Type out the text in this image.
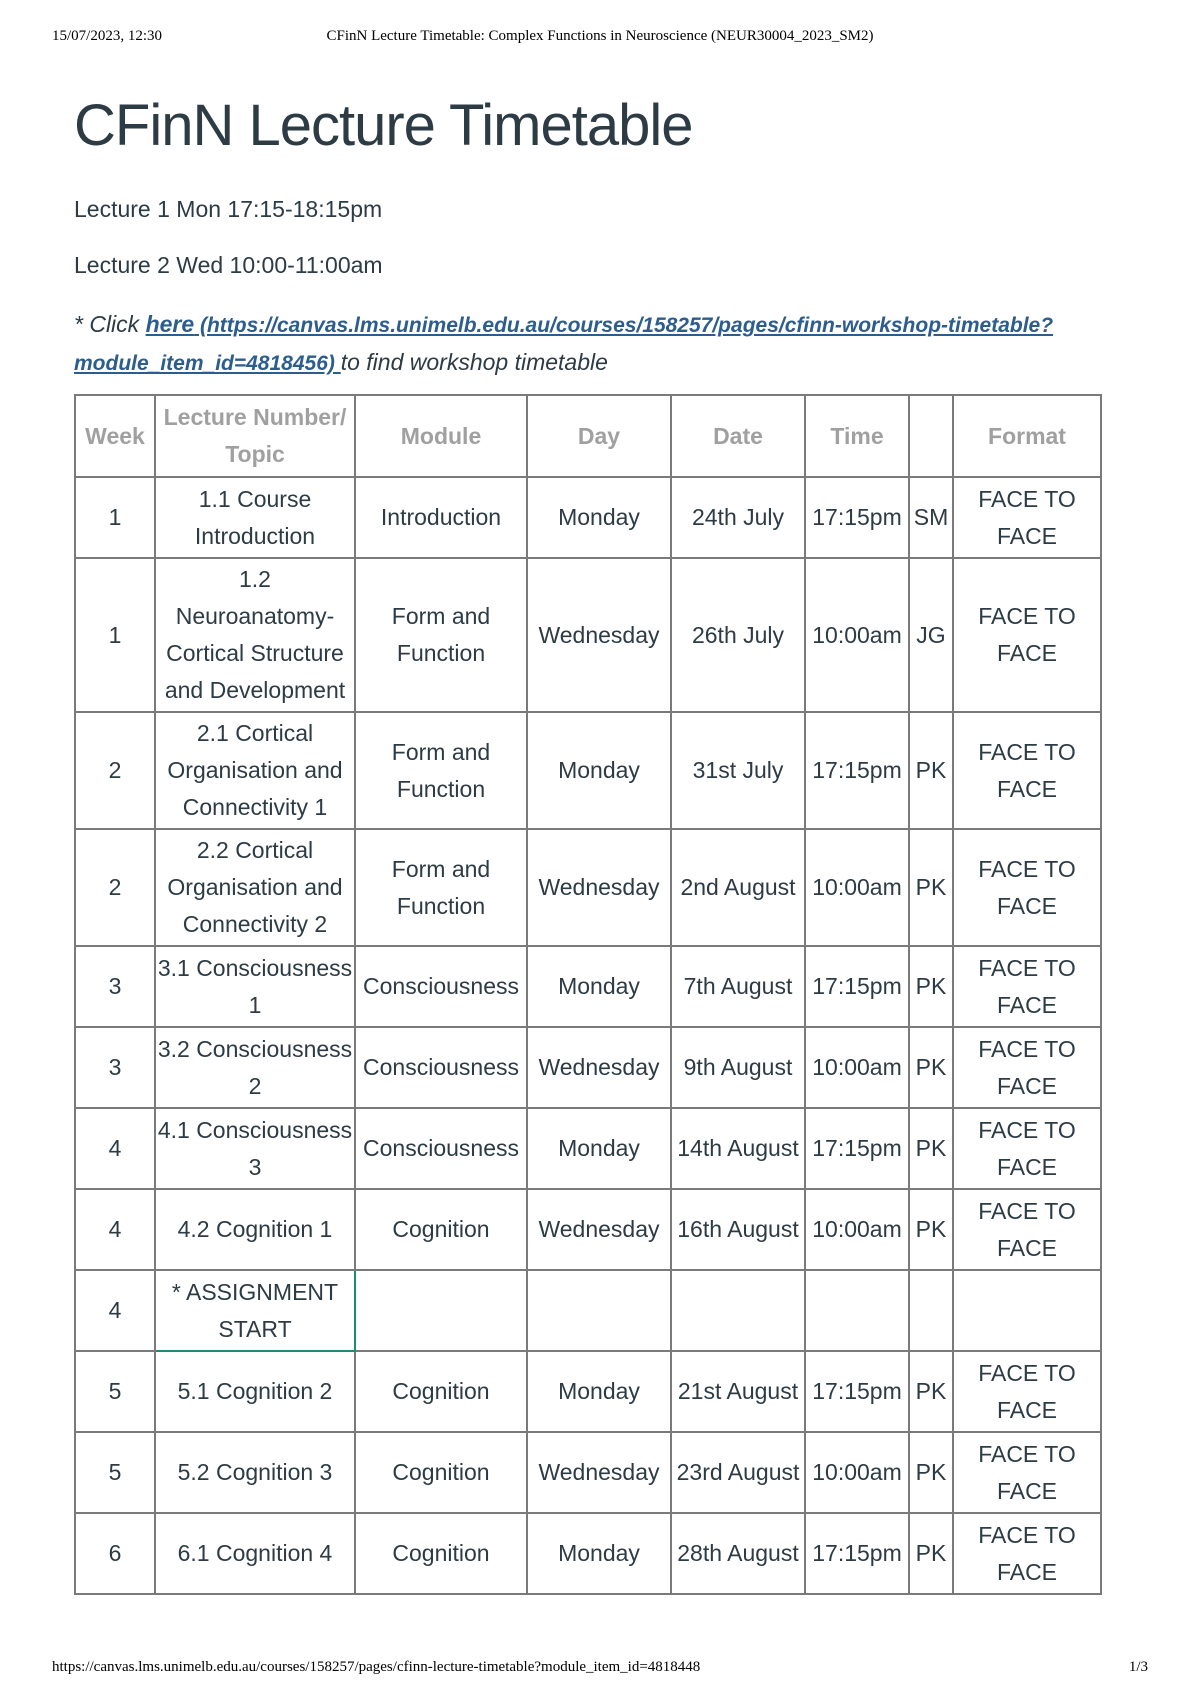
15/07/2023, 12:30	CFinN Lecture Timetable: Complex Functions in Neuroscience (NEUR30004_2023_SM2)
CFinN Lecture Timetable

Lecture 1 Mon 17:15-18:15pm

Lecture 2 Wed 10:00-11:00am

* Click here (https://canvas.lms.unimelb.edu.au/courses/158257/pages/cfinn-workshop-timetable?module_item_id=4818456) to find workshop timetable

Week	Lecture Number/ Topic	Module	Day	Date	Time		Format
1	1.1 Course Introduction	Introduction	Monday	24th July	17:15pm	SM	FACE TO FACE
1	1.2 Neuroanatomy- Cortical Structure and Development	Form and Function	Wednesday	26th July	10:00am	JG	FACE TO FACE
2	2.1 Cortical Organisation and Connectivity 1	Form and Function	Monday	31st July	17:15pm	PK	FACE TO FACE
2	2.2 Cortical Organisation and Connectivity 2	Form and Function	Wednesday	2nd August	10:00am	PK	FACE TO FACE
3	3.1 Consciousness 1	Consciousness	Monday	7th August	17:15pm	PK	FACE TO FACE
3	3.2 Consciousness 2	Consciousness	Wednesday	9th August	10:00am	PK	FACE TO FACE
4	4.1 Consciousness 3	Consciousness	Monday	14th August	17:15pm	PK	FACE TO FACE
4	4.2 Cognition 1	Cognition	Wednesday	16th August	10:00am	PK	FACE TO FACE
4	* ASSIGNMENT START						
5	5.1 Cognition 2	Cognition	Monday	21st August	17:15pm	PK	FACE TO FACE
5	5.2 Cognition 3	Cognition	Wednesday	23rd August	10:00am	PK	FACE TO FACE
6	6.1 Cognition 4	Cognition	Monday	28th August	17:15pm	PK	FACE TO FACE
https://canvas.lms.unimelb.edu.au/courses/158257/pages/cfinn-lecture-timetable?module_item_id=4818448	1/3
